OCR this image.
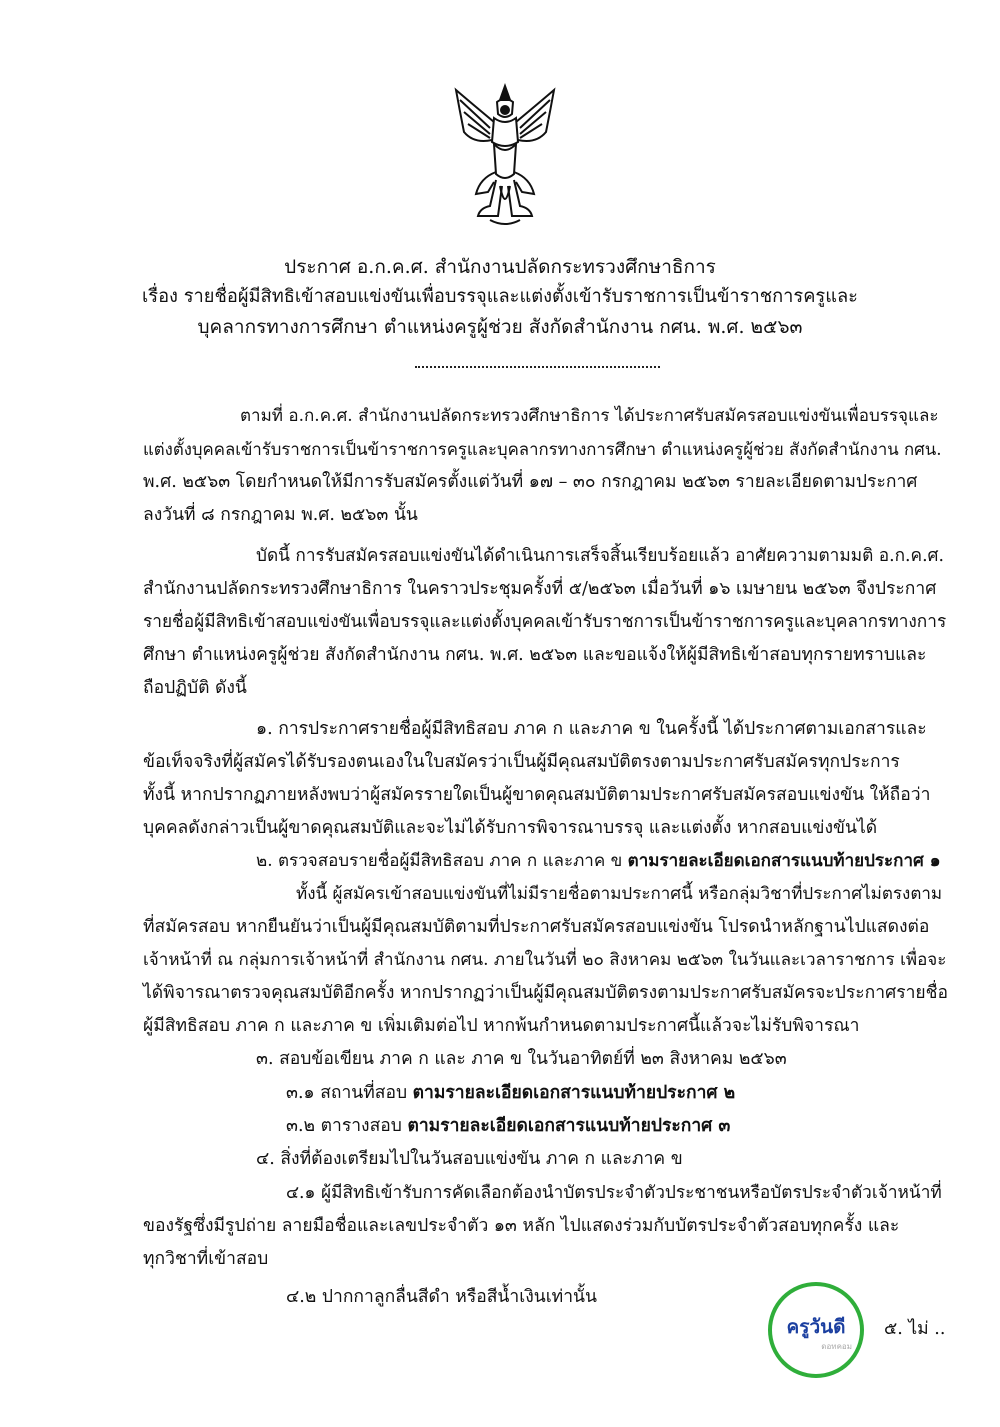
ประกาศ อ.ก.ค.ศ. สำนักงานปลัดกระทรวงศึกษาธิการ
เรื่อง รายชื่อผู้มีสิทธิเข้าสอบแข่งขันเพื่อบรรจุและแต่งตั้งเข้ารับราชการเป็นข้าราชการครูและ
บุคลากรทางการศึกษา ตำแหน่งครูผู้ช่วย สังกัดสำนักงาน กศน. พ.ศ. ๒๕๖๓
ตามที่ อ.ก.ค.ศ. สำนักงานปลัดกระทรวงศึกษาธิการ ได้ประกาศรับสมัครสอบแข่งขันเพื่อบรรจุและ
แต่งตั้งบุคคลเข้ารับราชการเป็นข้าราชการครูและบุคลากรทางการศึกษา ตำแหน่งครูผู้ช่วย สังกัดสำนักงาน กศน.
พ.ศ. ๒๕๖๓ โดยกำหนดให้มีการรับสมัครตั้งแต่วันที่ ๑๗ – ๓๐ กรกฎาคม ๒๕๖๓ รายละเอียดตามประกาศ
ลงวันที่ ๘ กรกฎาคม พ.ศ. ๒๕๖๓ นั้น
บัดนี้ การรับสมัครสอบแข่งขันได้ดำเนินการเสร็จสิ้นเรียบร้อยแล้ว อาศัยความตามมติ อ.ก.ค.ศ.
สำนักงานปลัดกระทรวงศึกษาธิการ ในคราวประชุมครั้งที่ ๕/๒๕๖๓ เมื่อวันที่ ๑๖ เมษายน ๒๕๖๓ จึงประกาศ
รายชื่อผู้มีสิทธิเข้าสอบแข่งขันเพื่อบรรจุและแต่งตั้งบุคคลเข้ารับราชการเป็นข้าราชการครูและบุคลากรทางการ
ศึกษา ตำแหน่งครูผู้ช่วย สังกัดสำนักงาน กศน. พ.ศ. ๒๕๖๓ และขอแจ้งให้ผู้มีสิทธิเข้าสอบทุกรายทราบและ
ถือปฏิบัติ ดังนี้
๑. การประกาศรายชื่อผู้มีสิทธิสอบ ภาค ก และภาค ข ในครั้งนี้ ได้ประกาศตามเอกสารและ
ข้อเท็จจริงที่ผู้สมัครได้รับรองตนเองในใบสมัครว่าเป็นผู้มีคุณสมบัติตรงตามประกาศรับสมัครทุกประการ
ทั้งนี้ หากปรากฏภายหลังพบว่าผู้สมัครรายใดเป็นผู้ขาดคุณสมบัติตามประกาศรับสมัครสอบแข่งขัน ให้ถือว่า
บุคคลดังกล่าวเป็นผู้ขาดคุณสมบัติและจะไม่ได้รับการพิจารณาบรรจุ และแต่งตั้ง หากสอบแข่งขันได้
๒. ตรวจสอบรายชื่อผู้มีสิทธิสอบ ภาค ก และภาค ข ตามรายละเอียดเอกสารแนบท้ายประกาศ ๑
ทั้งนี้ ผู้สมัครเข้าสอบแข่งขันที่ไม่มีรายชื่อตามประกาศนี้ หรือกลุ่มวิชาที่ประกาศไม่ตรงตาม
ที่สมัครสอบ หากยืนยันว่าเป็นผู้มีคุณสมบัติตามที่ประกาศรับสมัครสอบแข่งขัน โปรดนำหลักฐานไปแสดงต่อ
เจ้าหน้าที่ ณ กลุ่มการเจ้าหน้าที่ สำนักงาน กศน. ภายในวันที่ ๒๐ สิงหาคม ๒๕๖๓ ในวันและเวลาราชการ เพื่อจะ
ได้พิจารณาตรวจคุณสมบัติอีกครั้ง หากปรากฏว่าเป็นผู้มีคุณสมบัติตรงตามประกาศรับสมัครจะประกาศรายชื่อ
ผู้มีสิทธิสอบ ภาค ก และภาค ข เพิ่มเติมต่อไป หากพ้นกำหนดตามประกาศนี้แล้วจะไม่รับพิจารณา
๓. สอบข้อเขียน ภาค ก และ ภาค ข ในวันอาทิตย์ที่ ๒๓ สิงหาคม ๒๕๖๓
๓.๑ สถานที่สอบ ตามรายละเอียดเอกสารแนบท้ายประกาศ ๒
๓.๒ ตารางสอบ ตามรายละเอียดเอกสารแนบท้ายประกาศ ๓
๔. สิ่งที่ต้องเตรียมไปในวันสอบแข่งขัน ภาค ก และภาค ข
๔.๑ ผู้มีสิทธิเข้ารับการคัดเลือกต้องนำบัตรประจำตัวประชาชนหรือบัตรประจำตัวเจ้าหน้าที่
ของรัฐซึ่งมีรูปถ่าย ลายมือชื่อและเลขประจำตัว ๑๓ หลัก ไปแสดงร่วมกับบัตรประจำตัวสอบทุกครั้ง และ
ทุกวิชาที่เข้าสอบ
๔.๒ ปากกาลูกลื่นสีดำ หรือสีน้ำเงินเท่านั้น
ครูวันดี
ดอทคอม
๕. ไม่ ..
